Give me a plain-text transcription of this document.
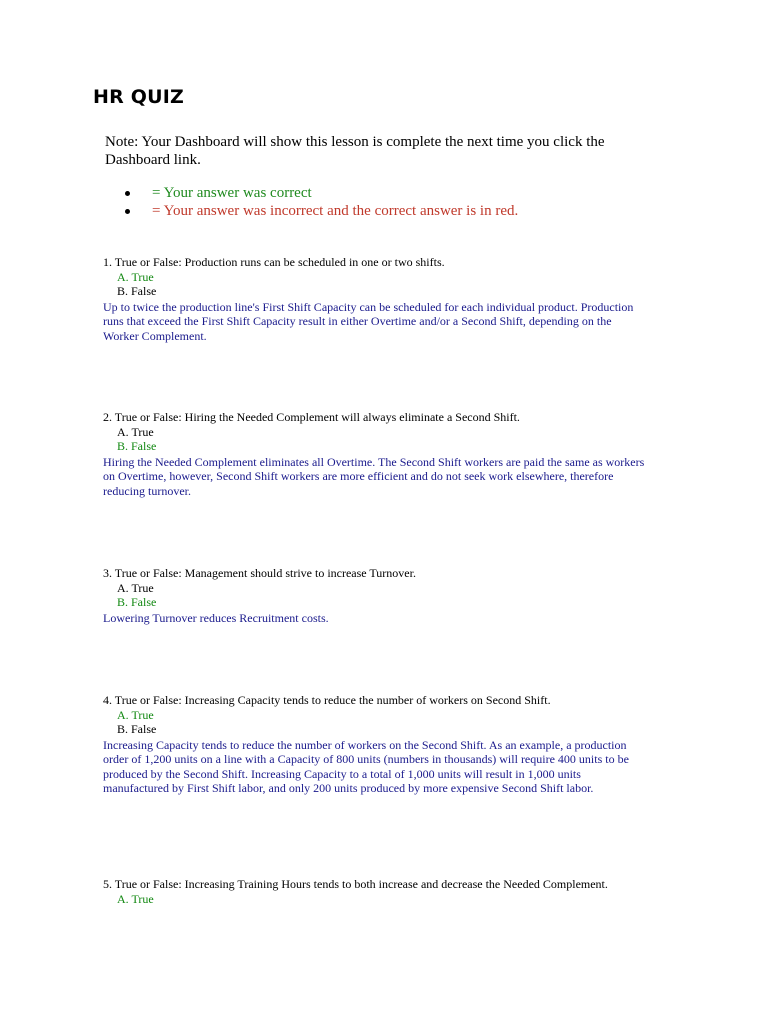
HR QUIZ
Note: Your Dashboard will show this lesson is complete the next time you click the Dashboard link.
= Your answer was correct
= Your answer was incorrect and the correct answer is in red.
1. True or False: Production runs can be scheduled in one or two shifts.
A. True
B. False
Up to twice the production line's First Shift Capacity can be scheduled for each individual product. Production runs that exceed the First Shift Capacity result in either Overtime and/or a Second Shift, depending on the Worker Complement.
2. True or False: Hiring the Needed Complement will always eliminate a Second Shift.
A. True
B. False
Hiring the Needed Complement eliminates all Overtime. The Second Shift workers are paid the same as workers on Overtime, however, Second Shift workers are more efficient and do not seek work elsewhere, therefore reducing turnover.
3. True or False: Management should strive to increase Turnover.
A. True
B. False
Lowering Turnover reduces Recruitment costs.
4. True or False: Increasing Capacity tends to reduce the number of workers on Second Shift.
A. True
B. False
Increasing Capacity tends to reduce the number of workers on the Second Shift. As an example, a production order of 1,200 units on a line with a Capacity of 800 units (numbers in thousands) will require 400 units to be produced by the Second Shift. Increasing Capacity to a total of 1,000 units will result in 1,000 units manufactured by First Shift labor, and only 200 units produced by more expensive Second Shift labor.
5. True or False: Increasing Training Hours tends to both increase and decrease the Needed Complement.
A. True
